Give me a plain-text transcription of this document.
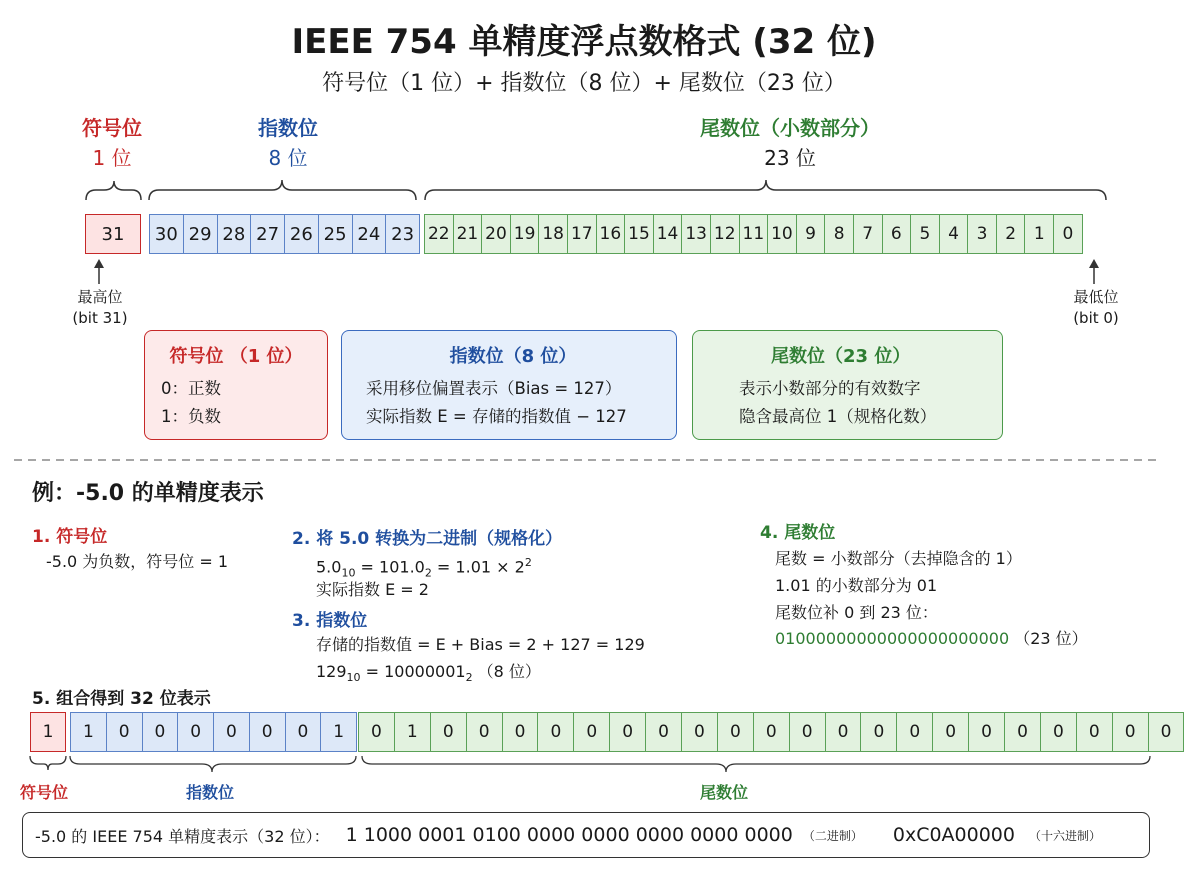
IEEE 754 单精度浮点数格式 (32 位)
符号位（1 位）+ 指数位（8 位）+ 尾数位（23 位）
符号位
1 位
指数位
8 位
尾数位（小数部分）
23 位
31	30 29 28 27 26 25 24 23 22 21 20 19 18 17 16 15 14 13 12 11 10 9	8	7	6	5	4	3	2	1	0
最高位
(bit 31)
最低位
(bit 0)
符号位 （1 位）
0：正数
1：负数
指数位（8 位）
采用移位偏置表示（Bias = 127）
实际指数 E = 存储的指数值 − 127
尾数位（23 位）
表示小数部分的有效数字
隐含最高位 1（规格化数）
例：-5.0 的单精度表示
1. 符号位
-5.0 为负数，符号位 = 1
2. 将 5.0 转换为二进制（规格化）
$5.0_{10} = 101.0_2 = 1.01 \times 2^2$
实际指数 E = 2
3. 指数位
存储的指数值 = E + Bias = 2 + 127 = 129
$129_{10} = 10000001_2$ （8 位）
4. 尾数位
尾数 = 小数部分（去掉隐含的 1）
1.01 的小数部分为 01
尾数位补 0 到 23 位：
01000000000000000000000 （23 位）
5. 组合得到 32 位表示
1	1	0	0	0	0	0	0	1	0	1	0	0	0	0	0	0	0	0	0	0	0	0	0	0	0	0	0	0	0	0	0
符号位	指数位	尾数位
-5.0 的 IEEE 754 单精度表示（32 位）： 1 1000 0001 0100 0000 0000 0000 0000 0000 （二进制） 0xC0A00000 （十六进制）
